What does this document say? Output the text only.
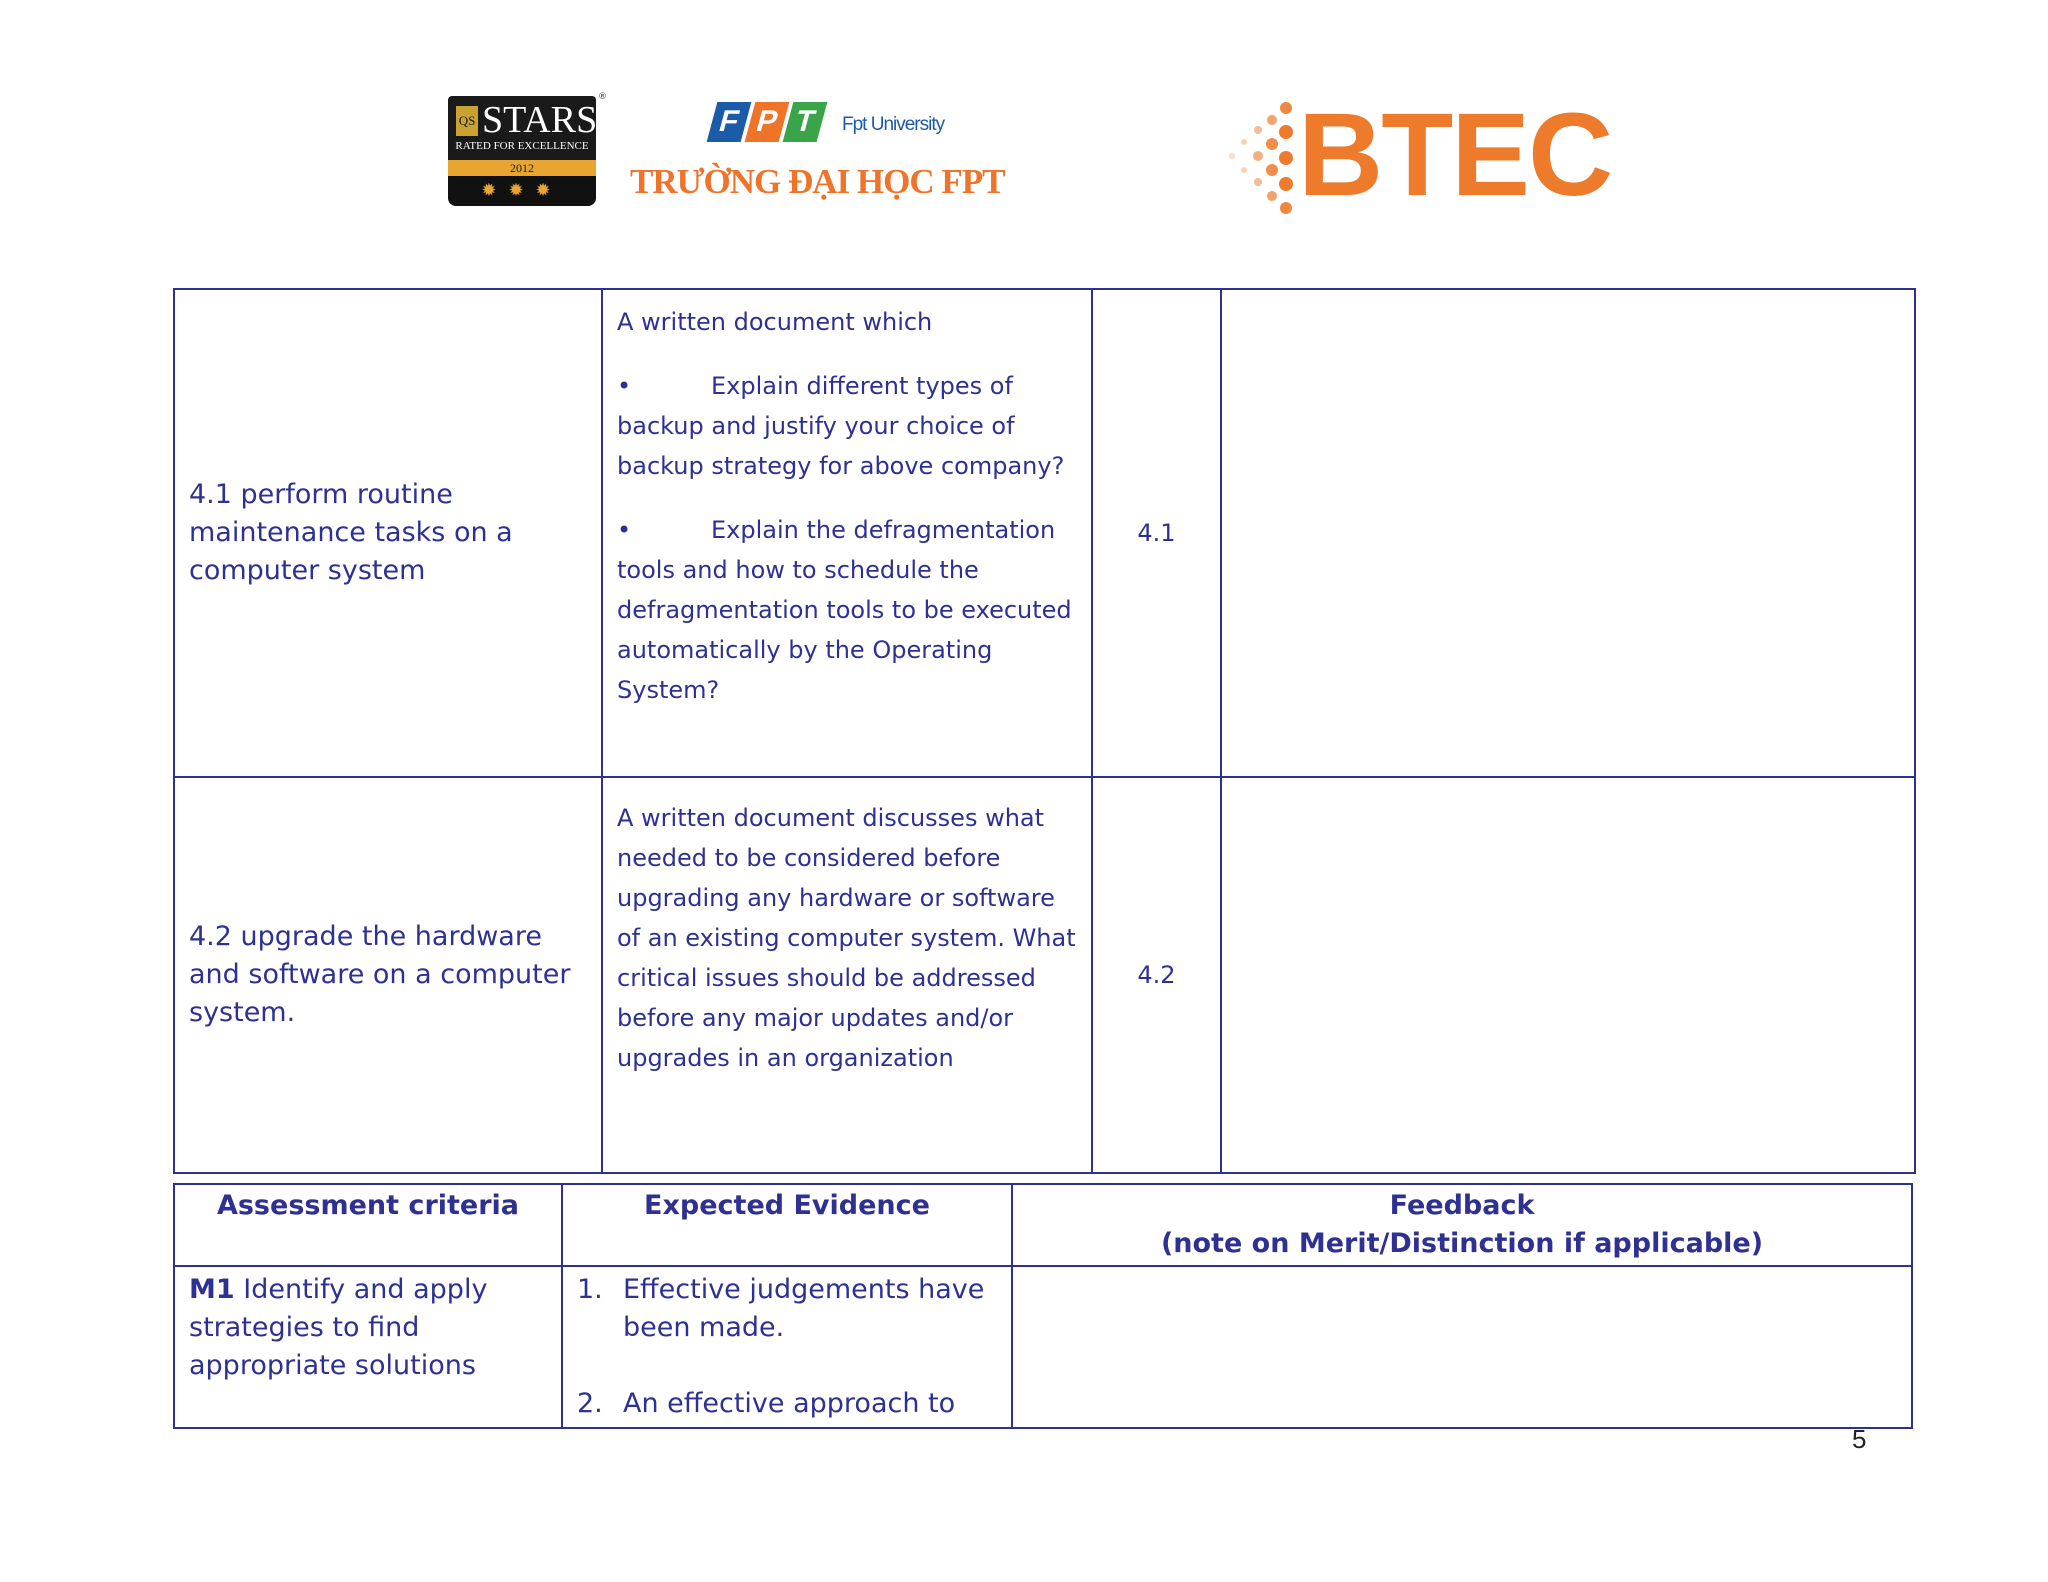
QS STARS
RATED FOR EXCELLENCE
2012
✹✹✹
®
F P T	Fpt University
TRƯỜNG ĐẠI HỌC FPT BTEC
4.1 perform routine maintenance tasks on a computer system	A written document which
• Explain different types of backup and justify your choice of backup strategy for above company?
• Explain the defragmentation tools and how to schedule the defragmentation tools to be executed automatically by the Operating System?	4.1	
4.2 upgrade the hardware and software on a computer system.	A written document discusses what needed to be considered before upgrading any hardware or software of an existing computer system. What critical issues should be addressed before any major updates and/or upgrades in an organization	4.2	
Assessment criteria	Expected Evidence	Feedback
(note on Merit/Distinction if applicable)

M1 Identify and apply strategies to find appropriate solutions	1. Effective judgements have been made.
2. An effective approach to	

5
